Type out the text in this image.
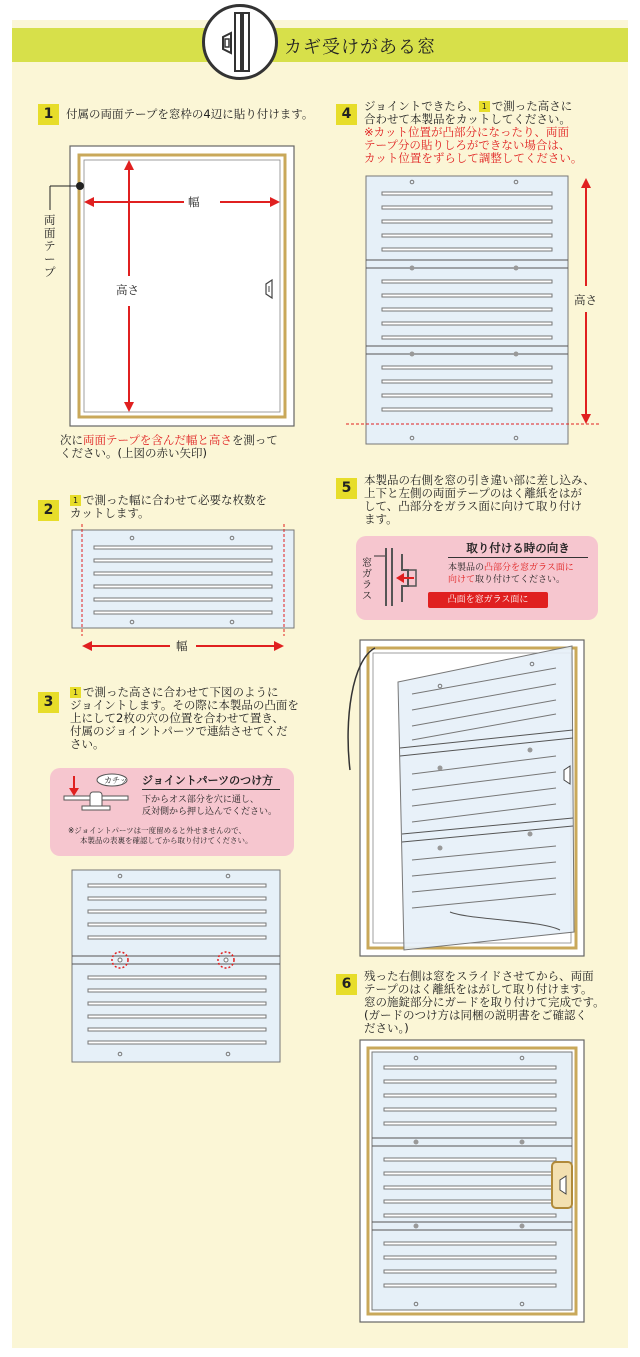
カギ受けがある窓
1	付属の両面テープを窓枠の4辺に貼り付けます。
幅
高さ
両面テープ
次に両面テープを含んだ幅と高さを測って
ください。(上図の赤い矢印)
2
1 で測った幅に合わせて必要な枚数を
カットします。
幅
3
1 で測った高さに合わせて下図のように
ジョイントします。その際に本製品の凸面を
上にして2枚の穴の位置を合わせて置き、
付属のジョイントパーツで連結させてくだ
さい。
カチッ ジョイントパーツのつけ方
下からオス部分を穴に通し、
反対側から押し込んでください。
※ジョイントパーツは一度留めると外せませんので、
本製品の表裏を確認してから取り付けてください。
4	ジョイントできたら、 1 で測った高さに
合わせて本製品をカットしてください。
※カット位置が凸部分になったり、両面
テープ分の貼りしろができない場合は、
カット位置をずらして調整してください。
高さ
5	本製品の右側を窓の引き違い部に差し込み、
上下と左側の両面テープのはく離紙をはが
して、凸部分をガラス面に向けて取り付け
ます。
窓ガラス
取り付ける時の向き
本製品の凸部分を窓ガラス面に
向けて取り付けてください。
凸面を窓ガラス面に
6	残った右側は窓をスライドさせてから、両面
テープのはく離紙をはがして取り付けます。
窓の施錠部分にガードを取り付けて完成です。
(ガードのつけ方は同梱の説明書をご確認く
ださい。)
